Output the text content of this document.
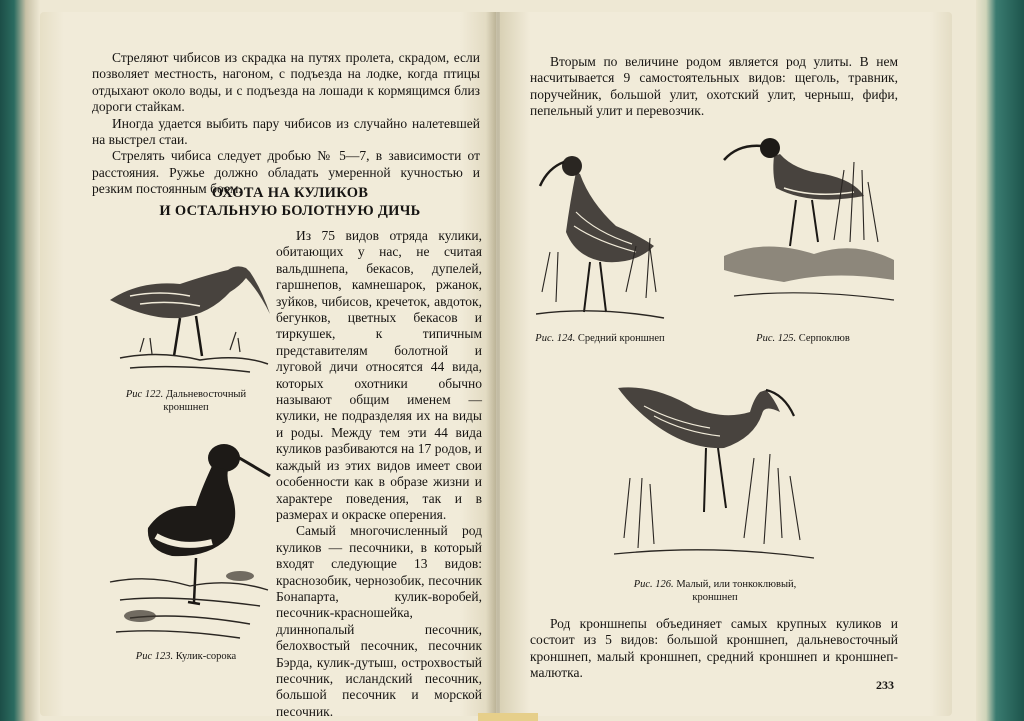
Стреляют чибисов из скрадка на путях пролета, скрадом, если позволяет местность, нагоном, с подъезда на лодке, когда птицы отдыхают около воды, и с подъезда на лошади к кормящимся близ дороги стайкам.

Иногда удается выбить пару чибисов из случайно налетевшей на выстрел стаи.

Стрелять чибиса следует дробью № 5—7, в зависимости от расстояния. Ружье должно обладать умеренной кучностью и резким постоянным боем.

ОХОТА НА КУЛИКОВ
И ОСТАЛЬНУЮ БОЛОТНУЮ ДИЧЬ

Из 75 видов отряда кулики, обитающих у нас, не считая вальдшнепа, бекасов, дупелей, гаршнепов, камнешарок, ржанок, зуйков, чибисов, кречеток, авдоток, бегунков, цветных бекасов и тиркушек, к типичным представителям болотной и луговой дичи относятся 44 вида, которых охотники обычно называют общим именем — кулики, не подразделяя их на виды и роды. Между тем эти 44 вида куликов разбиваются на 17 родов, и каждый из этих видов имеет свои особенности как в образе жизни и характере поведения, так и в размерах и окраске оперения.

Самый многочисленный род куликов — песочники, в который входят следующие 13 видов: краснозобик, чернозобик, песочник Бонапарта, кулик-воробей, песочник-красношейка, длиннопалый песочник, белохвостый песочник, песочник Бэрда, кулик-дутыш, острохвостый песочник, исландский песочник, большой песочник и морской песочник.

Рис 122. Дальневосточный
кроншнеп
Рис 123. Кулик-сорока

Вторым по величине родом является род улиты. В нем насчитывается 9 самостоятельных видов: щеголь, травник, поручейник, большой улит, охотский улит, черныш, фифи, пепельный улит и перевозчик.

Рис. 124. Средний кроншнеп	Рис. 125. Серпоклюв
Рис. 126. Малый, или тонкоклювый,
кроншнеп

Род кроншнепы объединяет самых крупных куликов и состоит из 5 видов: большой кроншнеп, дальневосточный кроншнеп, малый кроншнеп, средний кроншнеп и кроншнеп-малютка.

233
